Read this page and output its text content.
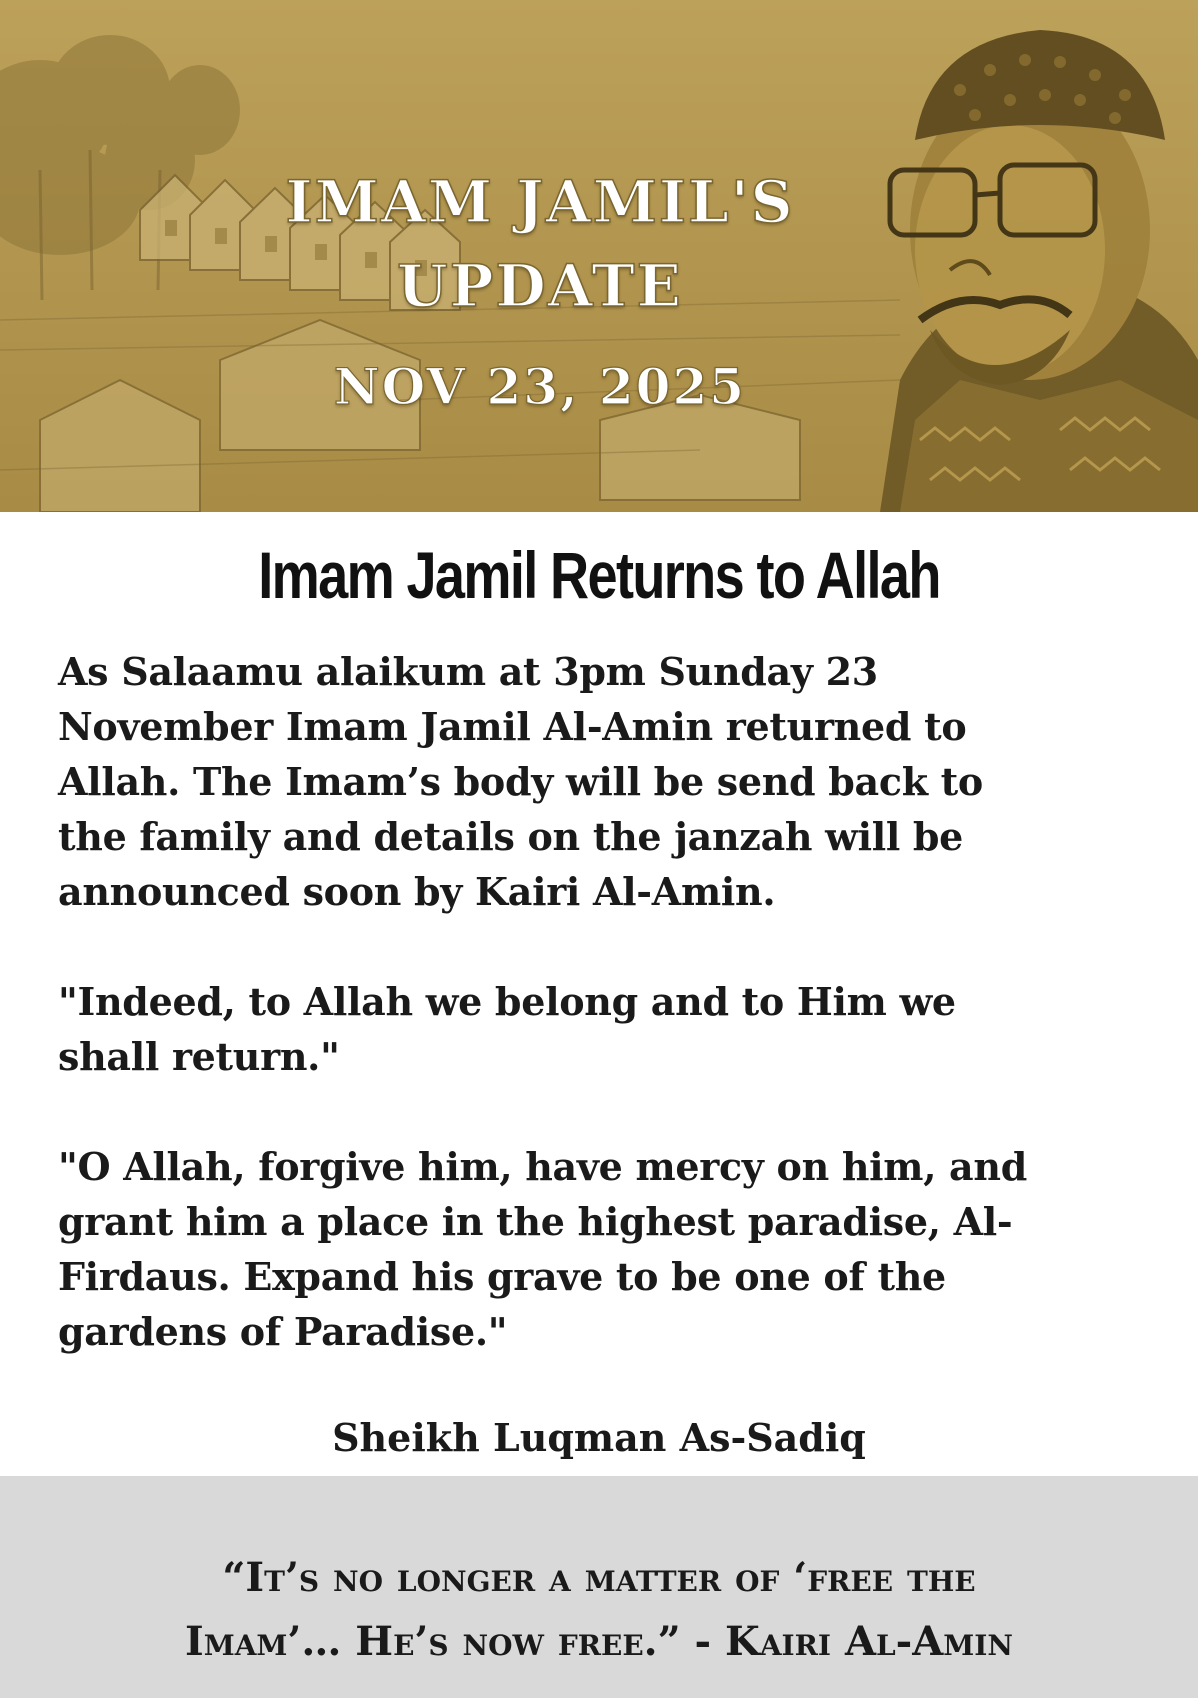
IMAM JAMIL'S
UPDATE
NOV 23, 2025
Imam Jamil Returns to Allah

As Salaamu alaikum at 3pm Sunday 23
November Imam Jamil Al-Amin returned to
Allah. The Imam’s body will be send back to
the family and details on the janzah will be
announced soon by Kairi Al-Amin.

"Indeed, to Allah we belong and to Him we
shall return."

"O Allah, forgive him, have mercy on him, and
grant him a place in the highest paradise, Al-
Firdaus. Expand his grave to be one of the
gardens of Paradise."

Sheikh Luqman As-Sadiq
“It’s no longer a matter of ‘free the
Imam’… He’s now free.” - Kairi Al-Amin
